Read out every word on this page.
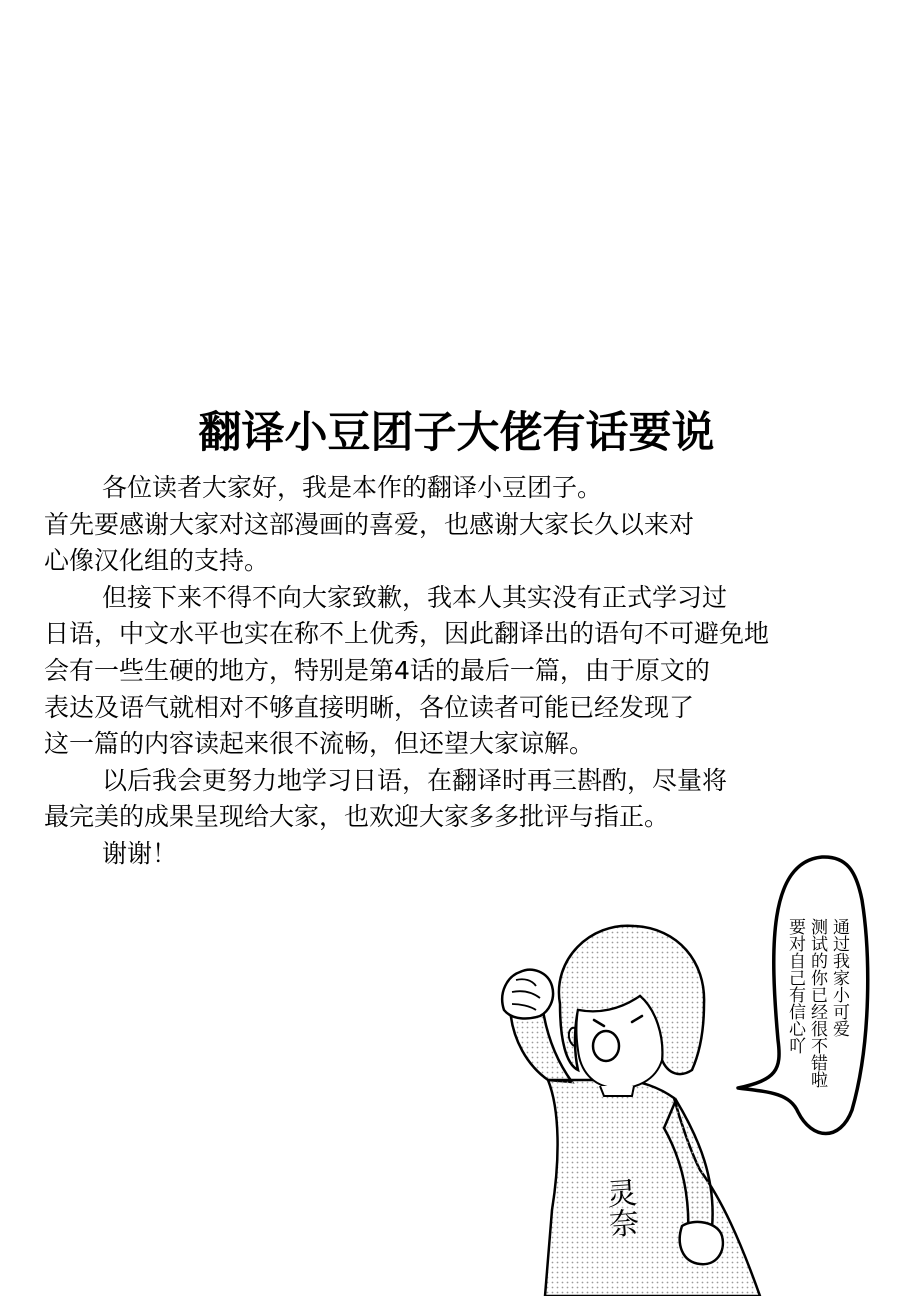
翻译小豆团子大佬有话要说
各位读者大家好，我是本作的翻译小豆团子。
首先要感谢大家对这部漫画的喜爱，也感谢大家长久以来对
心像汉化组的支持。
但接下来不得不向大家致歉，我本人其实没有正式学习过
日语，中文水平也实在称不上优秀，因此翻译出的语句不可避免地
会有一些生硬的地方，特别是第4话的最后一篇，由于原文的
表达及语气就相对不够直接明晰，各位读者可能已经发现了
这一篇的内容读起来很不流畅，但还望大家谅解。
以后我会更努力地学习日语，在翻译时再三斟酌，尽量将
最完美的成果呈现给大家，也欢迎大家多多批评与指正。
谢谢！
通过我家小可爱
测试的你已经很不错啦
要对自己有信心吖
灵奈
